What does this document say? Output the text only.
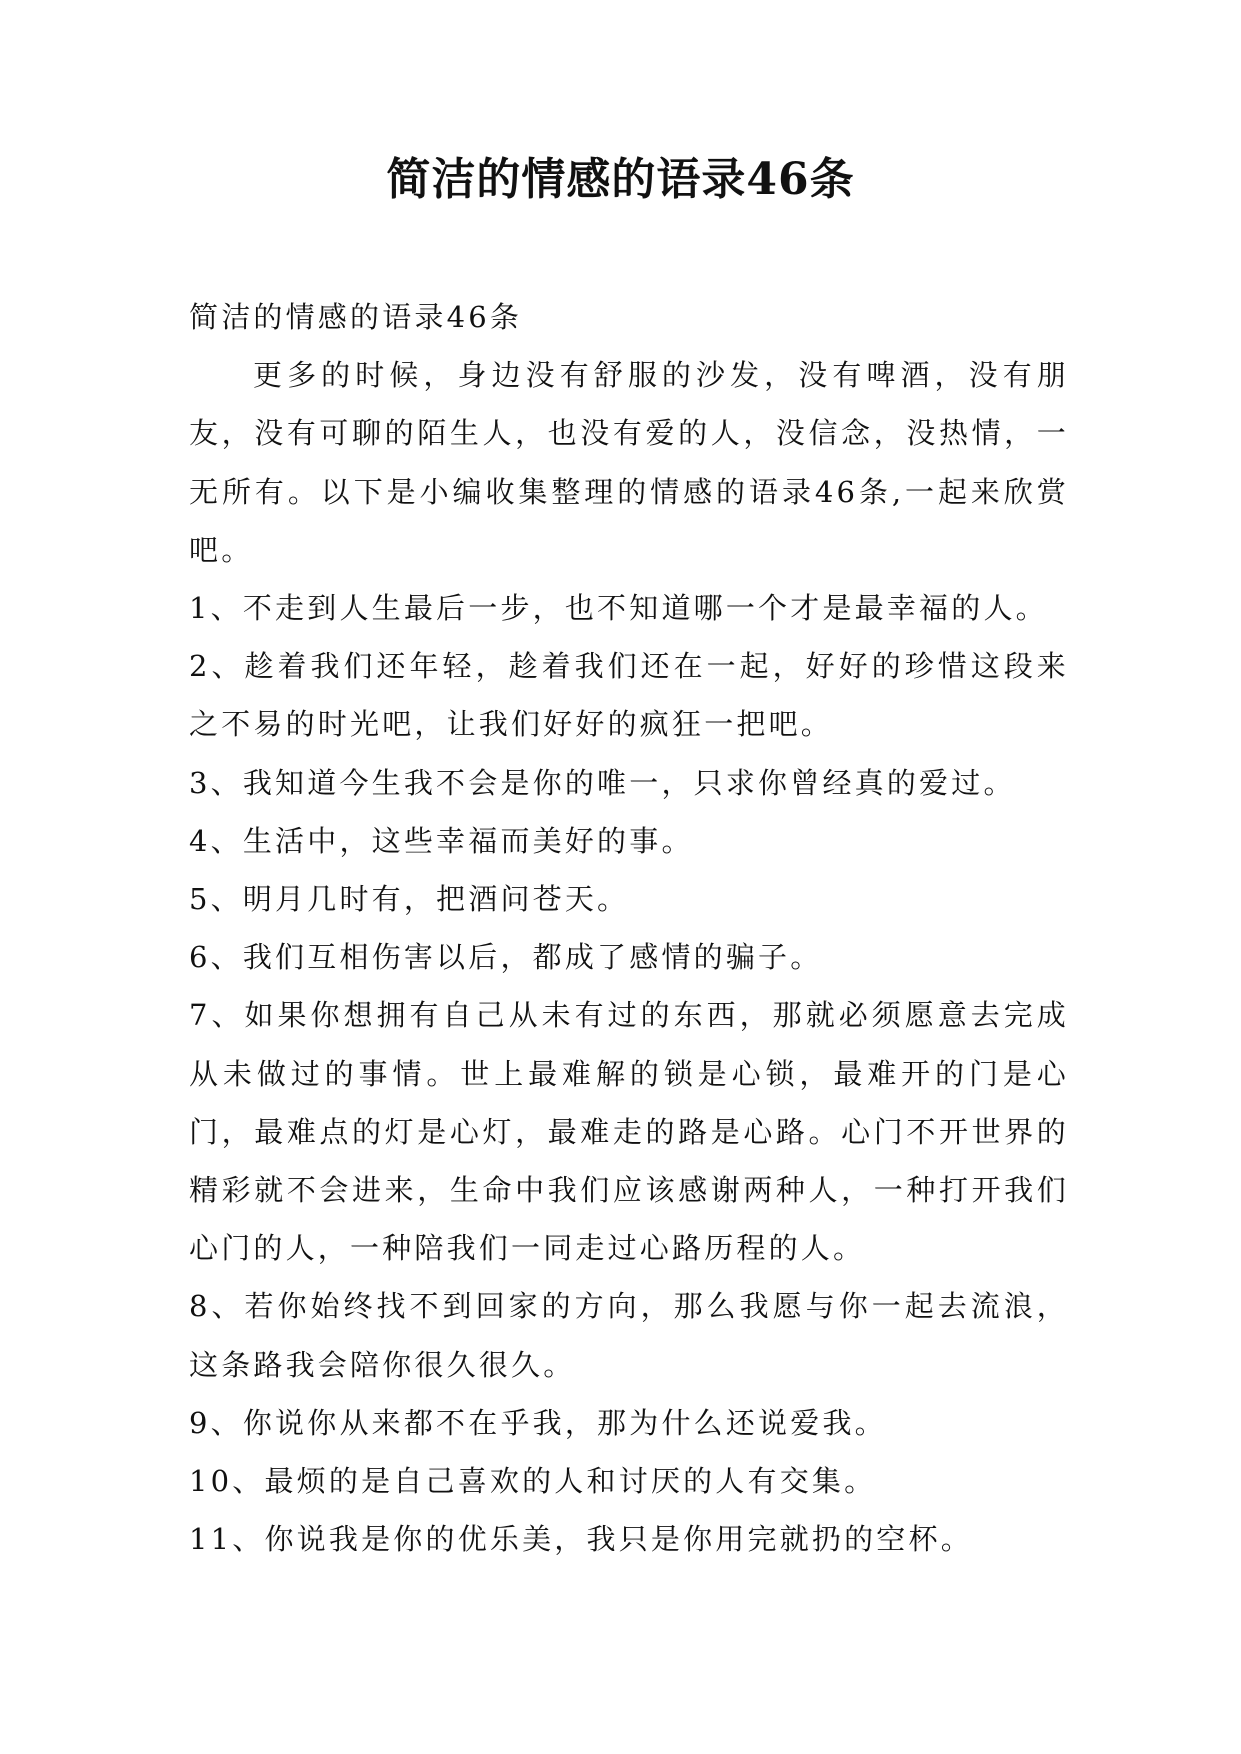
简洁的情感的语录46条

简洁的情感的语录46条

更多的时候，身边没有舒服的沙发，没有啤酒，没有朋友，没有可聊的陌生人，也没有爱的人，没信念，没热情，一无所有。以下是小编收集整理的情感的语录46条,一起来欣赏吧。

1、不走到人生最后一步，也不知道哪一个才是最幸福的人。

2、趁着我们还年轻，趁着我们还在一起，好好的珍惜这段来之不易的时光吧，让我们好好的疯狂一把吧。

3、我知道今生我不会是你的唯一，只求你曾经真的爱过。

4、生活中，这些幸福而美好的事。

5、明月几时有，把酒问苍天。

6、我们互相伤害以后，都成了感情的骗子。

7、如果你想拥有自己从未有过的东西，那就必须愿意去完成从未做过的事情。世上最难解的锁是心锁，最难开的门是心门，最难点的灯是心灯，最难走的路是心路。心门不开世界的精彩就不会进来，生命中我们应该感谢两种人，一种打开我们心门的人，一种陪我们一同走过心路历程的人。

8、若你始终找不到回家的方向，那么我愿与你一起去流浪，这条路我会陪你很久很久。

9、你说你从来都不在乎我，那为什么还说爱我。

10、最烦的是自己喜欢的人和讨厌的人有交集。

11、你说我是你的优乐美，我只是你用完就扔的空杯。
